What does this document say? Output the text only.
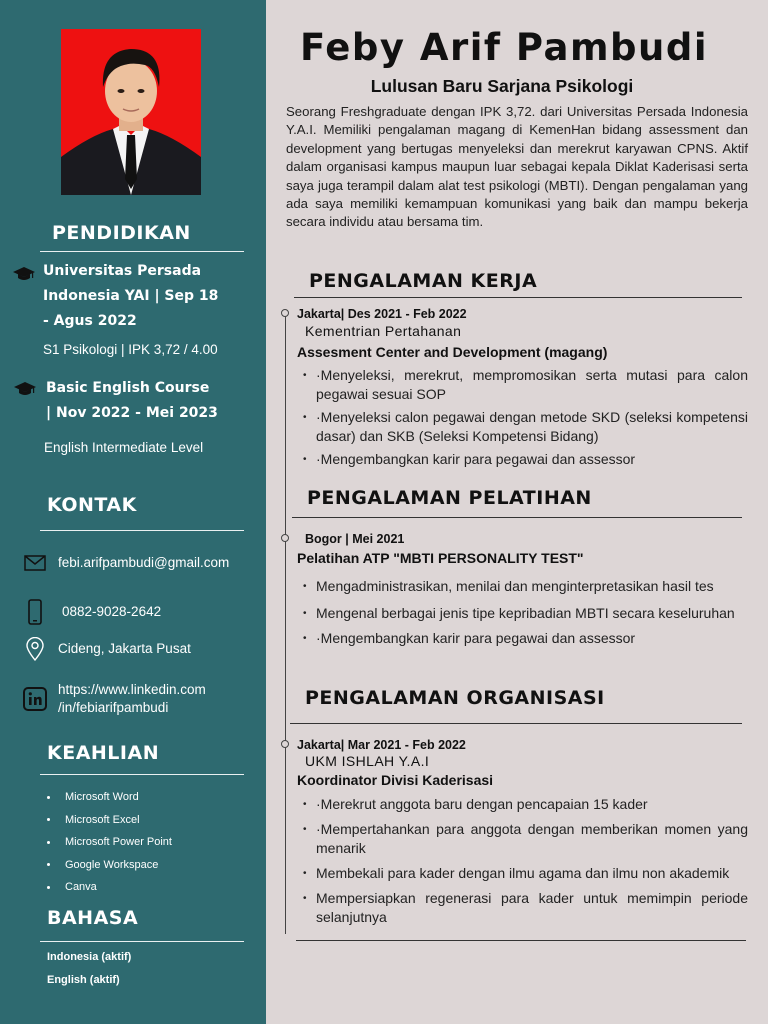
PENDIDIKAN
Universitas Persada
Indonesia YAI | Sep 18
- Agus 2022
S1 Psikologi | IPK 3,72 / 4.00
Basic English Course
| Nov 2022 - Mei 2023
English Intermediate Level
KONTAK
febi.arifpambudi@gmail.com
0882-9028-2642
Cideng, Jakarta Pusat
https://www.linkedin.com
/in/febiarifpambudi
KEAHLIAN
Microsoft Word
Microsoft Excel
Microsoft Power Point
Google Workspace
Canva
BAHASA
Indonesia (aktif)
English (aktif)
Feby Arif Pambudi
Lulusan Baru Sarjana Psikologi
Seorang Freshgraduate dengan IPK 3,72. dari Universitas Persada Indonesia Y.A.I. Memiliki pengalaman magang di KemenHan bidang assessment dan development yang bertugas menyeleksi dan merekrut karyawan CPNS. Aktif dalam organisasi kampus maupun luar sebagai kepala Diklat Kaderisasi serta saya juga terampil dalam alat test psikologi (MBTI). Dengan pengalaman yang ada saya memiliki kemampuan komunikasi yang baik dan mampu bekerja secara individu atau bersama tim.
PENGALAMAN KERJA
Jakarta| Des 2021 - Feb 2022
Kementrian Pertahanan
Assesment Center and Development (magang)
• ·Menyeleksi, merekrut, mempromosikan serta mutasi para calon pegawai sesuai SOP
• ·Menyeleksi calon pegawai dengan metode SKD (seleksi kompetensi dasar) dan SKB (Seleksi Kompetensi Bidang)
• ·Mengembangkan karir para pegawai dan assessor
PENGALAMAN PELATIHAN
Bogor | Mei 2021
Pelatihan ATP "MBTI PERSONALITY TEST"
• Mengadministrasikan, menilai dan menginterpretasikan hasil tes
• Mengenal berbagai jenis tipe kepribadian MBTI secara keseluruhan
• ·Mengembangkan karir para pegawai dan assessor
PENGALAMAN ORGANISASI
Jakarta| Mar 2021 - Feb 2022
UKM ISHLAH Y.A.I
Koordinator Divisi Kaderisasi
• ·Merekrut anggota baru dengan pencapaian 15 kader
• ·Mempertahankan para anggota dengan memberikan momen yang menarik
• Membekali para kader dengan ilmu agama dan ilmu non akademik
• Mempersiapkan regenerasi para kader untuk memimpin periode selanjutnya
